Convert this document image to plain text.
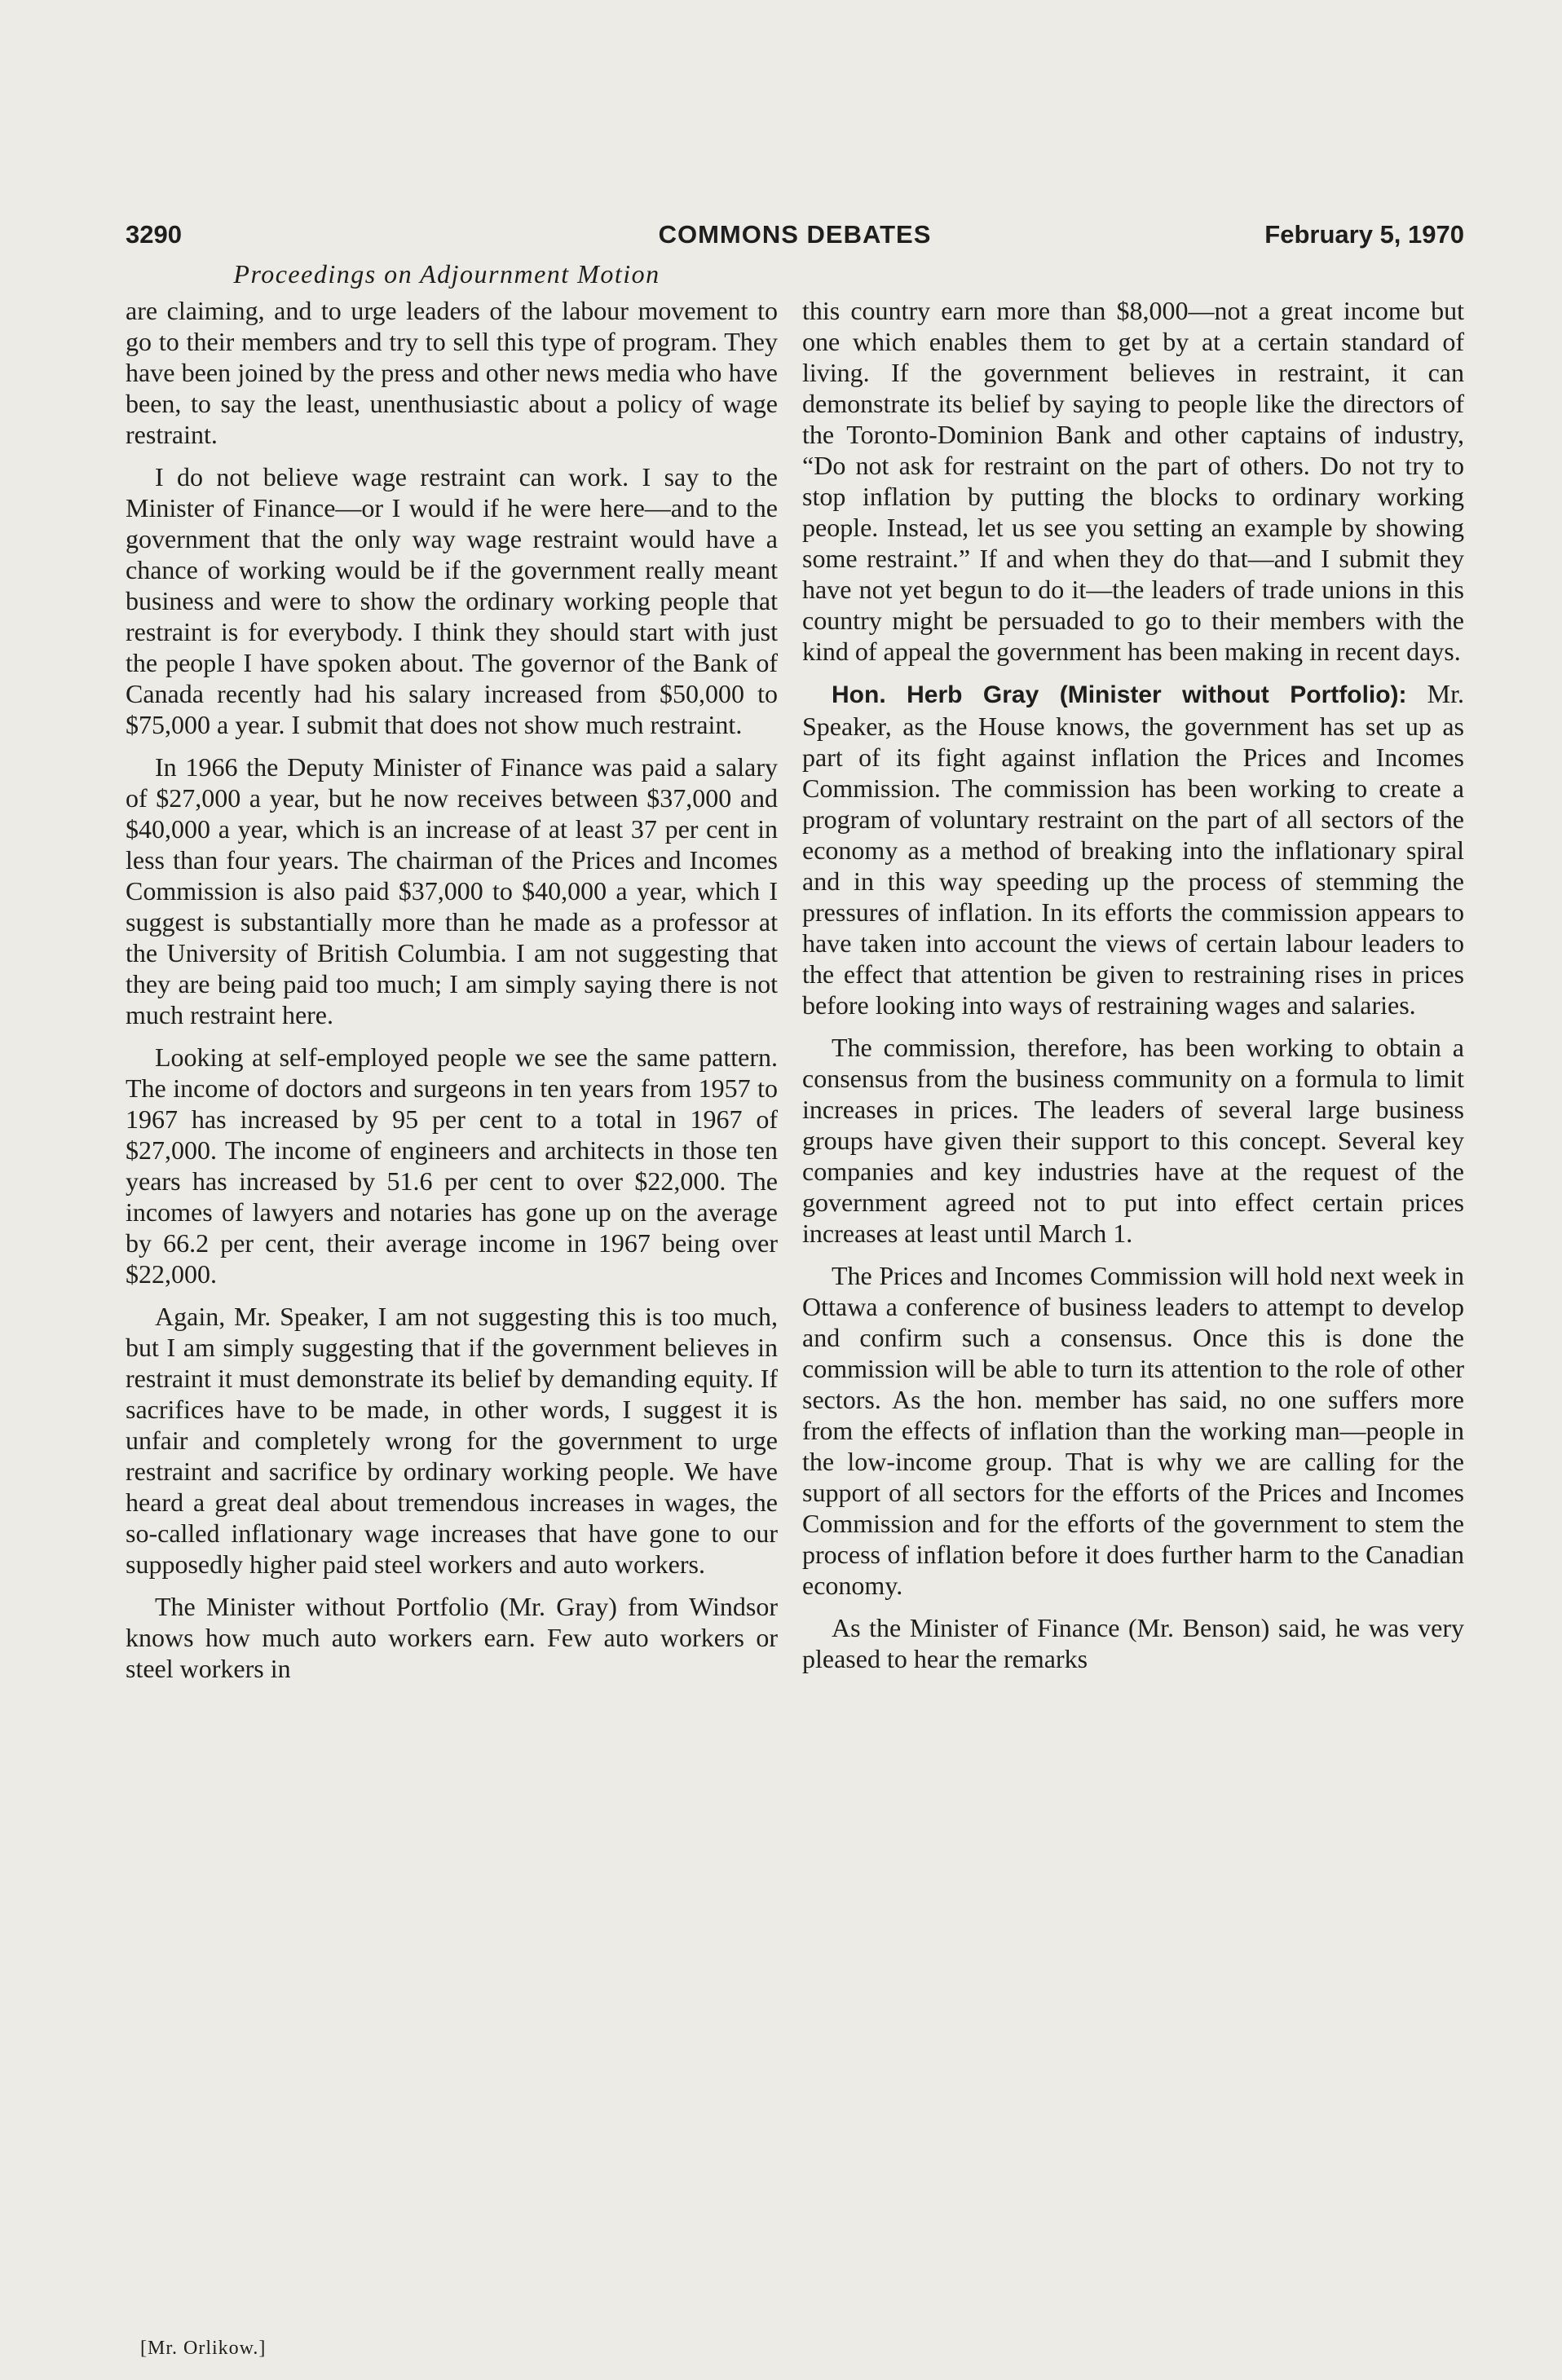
3290	COMMONS DEBATES	February 5, 1970
Proceedings on Adjournment Motion

are claiming, and to urge leaders of the labour movement to go to their members and try to sell this type of program. They have been joined by the press and other news media who have been, to say the least, unenthusiastic about a policy of wage restraint.

I do not believe wage restraint can work. I say to the Minister of Finance—or I would if he were here—and to the government that the only way wage restraint would have a chance of working would be if the government really meant business and were to show the ordinary working people that restraint is for everybody. I think they should start with just the people I have spoken about. The governor of the Bank of Canada recently had his salary increased from $50,000 to $75,000 a year. I submit that does not show much restraint.

In 1966 the Deputy Minister of Finance was paid a salary of $27,000 a year, but he now receives between $37,000 and $40,000 a year, which is an increase of at least 37 per cent in less than four years. The chairman of the Prices and Incomes Commission is also paid $37,000 to $40,000 a year, which I suggest is substantially more than he made as a professor at the University of British Columbia. I am not suggesting that they are being paid too much; I am simply saying there is not much restraint here.

Looking at self-employed people we see the same pattern. The income of doctors and surgeons in ten years from 1957 to 1967 has increased by 95 per cent to a total in 1967 of $27,000. The income of engineers and architects in those ten years has increased by 51.6 per cent to over $22,000. The incomes of lawyers and notaries has gone up on the average by 66.2 per cent, their average income in 1967 being over $22,000.

Again, Mr. Speaker, I am not suggesting this is too much, but I am simply suggesting that if the government believes in restraint it must demonstrate its belief by demanding equity. If sacrifices have to be made, in other words, I suggest it is unfair and completely wrong for the government to urge restraint and sacrifice by ordinary working people. We have heard a great deal about tremendous increases in wages, the so-called inflationary wage increases that have gone to our supposedly higher paid steel workers and auto workers.

The Minister without Portfolio (Mr. Gray) from Windsor knows how much auto workers earn. Few auto workers or steel workers in

[Mr. Orlikow.]

this country earn more than $8,000—not a great income but one which enables them to get by at a certain standard of living. If the government believes in restraint, it can demonstrate its belief by saying to people like the directors of the Toronto-Dominion Bank and other captains of industry, “Do not ask for restraint on the part of others. Do not try to stop inflation by putting the blocks to ordinary working people. Instead, let us see you setting an example by showing some restraint.” If and when they do that—and I submit they have not yet begun to do it—the leaders of trade unions in this country might be persuaded to go to their members with the kind of appeal the government has been making in recent days.

Hon. Herb Gray (Minister without Portfolio): Mr. Speaker, as the House knows, the government has set up as part of its fight against inflation the Prices and Incomes Commission. The commission has been working to create a program of voluntary restraint on the part of all sectors of the economy as a method of breaking into the inflationary spiral and in this way speeding up the process of stemming the pressures of inflation. In its efforts the commission appears to have taken into account the views of certain labour leaders to the effect that attention be given to restraining rises in prices before looking into ways of restraining wages and salaries.

The commission, therefore, has been working to obtain a consensus from the business community on a formula to limit increases in prices. The leaders of several large business groups have given their support to this concept. Several key companies and key industries have at the request of the government agreed not to put into effect certain prices increases at least until March 1.

The Prices and Incomes Commission will hold next week in Ottawa a conference of business leaders to attempt to develop and confirm such a consensus. Once this is done the commission will be able to turn its attention to the role of other sectors. As the hon. member has said, no one suffers more from the effects of inflation than the working man—people in the low-income group. That is why we are calling for the support of all sectors for the efforts of the Prices and Incomes Commission and for the efforts of the government to stem the process of inflation before it does further harm to the Canadian economy.

As the Minister of Finance (Mr. Benson) said, he was very pleased to hear the remarks
